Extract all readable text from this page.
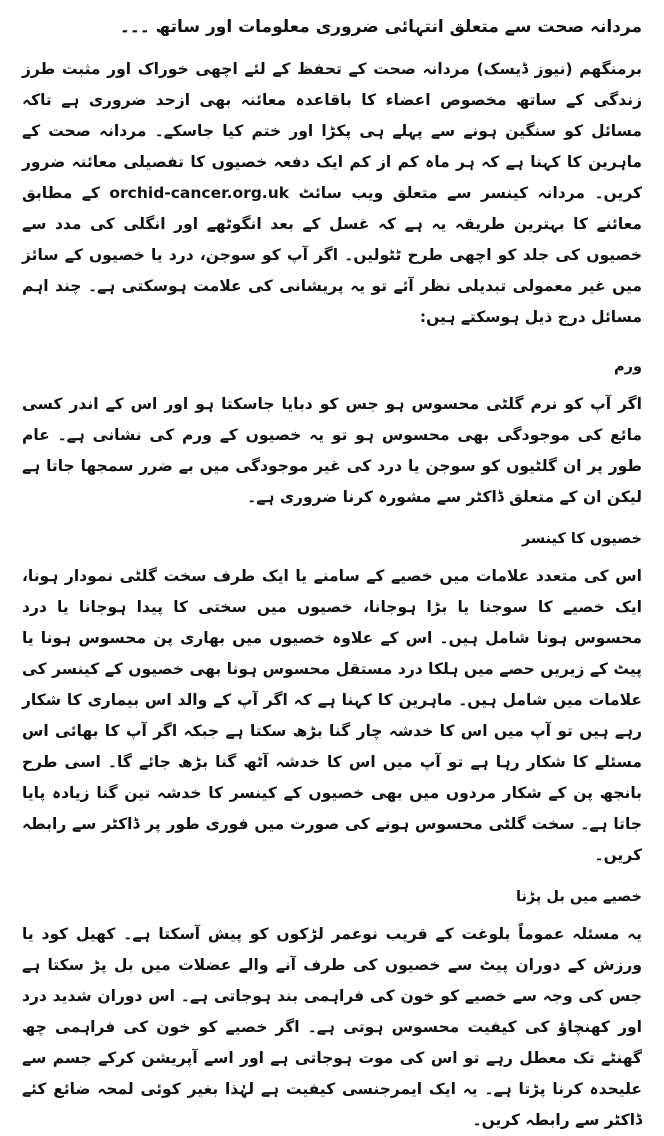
مردانہ صحت سے متعلق انتہائی ضروری معلومات اور ساتھ ۔۔۔

برمنگھم (نیوز ڈیسک) مردانہ صحت کے تحفظ کے لئے اچھی خوراک اور مثبت طرز زندگی کے ساتھ مخصوص اعضاء کا باقاعدہ معائنہ بھی ازحد ضروری ہے تاکہ مسائل کو سنگین ہونے سے پہلے ہی پکڑا اور ختم کیا جاسکے۔ مردانہ صحت کے ماہرین کا کہنا ہے کہ ہر ماہ کم از کم ایک دفعہ خصیوں کا تفصیلی معائنہ ضرور کریں۔ مردانہ کینسر سے متعلق ویب سائٹ orchid-cancer.org.uk کے مطابق معائنے کا بہترین طریقہ یہ ہے کہ غسل کے بعد انگوٹھے اور انگلی کی مدد سے خصیوں کی جلد کو اچھی طرح ٹٹولیں۔ اگر آپ کو سوجن، درد یا خصیوں کے سائز میں غیر معمولی تبدیلی نظر آئے تو یہ پریشانی کی علامت ہوسکتی ہے۔ چند اہم مسائل درج ذیل ہوسکتے ہیں:

ورم

اگر آپ کو نرم گلٹی محسوس ہو جس کو دبایا جاسکتا ہو اور اس کے اندر کسی مائع کی موجودگی بھی محسوس ہو تو یہ خصیوں کے ورم کی نشانی ہے۔ عام طور پر ان گلٹیوں کو سوجن یا درد کی غیر موجودگی میں بے ضرر سمجھا جاتا ہے لیکن ان کے متعلق ڈاکٹر سے مشورہ کرنا ضروری ہے۔

خصیوں کا کینسر

اس کی متعدد علامات میں خصیے کے سامنے یا ایک طرف سخت گلٹی نمودار ہونا، ایک خصیے کا سوجنا یا بڑا ہوجانا، خصیوں میں سختی کا پیدا ہوجانا یا درد محسوس ہونا شامل ہیں۔ اس کے علاوہ خصیوں میں بھاری پن محسوس ہونا یا پیٹ کے زیریں حصے میں ہلکا درد مستقل محسوس ہونا بھی خصیوں کے کینسر کی علامات میں شامل ہیں۔ ماہرین کا کہنا ہے کہ اگر آپ کے والد اس بیماری کا شکار رہے ہیں تو آپ میں اس کا خدشہ چار گنا بڑھ سکتا ہے جبکہ اگر آپ کا بھائی اس مسئلے کا شکار رہا ہے تو آپ میں اس کا خدشہ آٹھ گنا بڑھ جائے گا۔ اسی طرح بانجھ پن کے شکار مردوں میں بھی خصیوں کے کینسر کا خدشہ تین گنا زیادہ پایا جاتا ہے۔ سخت گلٹی محسوس ہونے کی صورت میں فوری طور پر ڈاکٹر سے رابطہ کریں۔

خصیے میں بل پڑنا

یہ مسئلہ عموماً بلوغت کے قریب نوعمر لڑکوں کو پیش آسکتا ہے۔ کھیل کود یا ورزش کے دوران پیٹ سے خصیوں کی طرف آنے والے عضلات میں بل پڑ سکتا ہے جس کی وجہ سے خصیے کو خون کی فراہمی بند ہوجاتی ہے۔ اس دوران شدید درد اور کھنچاؤ کی کیفیت محسوس ہوتی ہے۔ اگر خصیے کو خون کی فراہمی چھ گھنٹے تک معطل رہے تو اس کی موت ہوجاتی ہے اور اسے آپریشن کرکے جسم سے علیحدہ کرنا پڑتا ہے۔ یہ ایک ایمرجنسی کیفیت ہے لہٰذا بغیر کوئی لمحہ ضائع کئے ڈاکٹر سے رابطہ کریں۔
